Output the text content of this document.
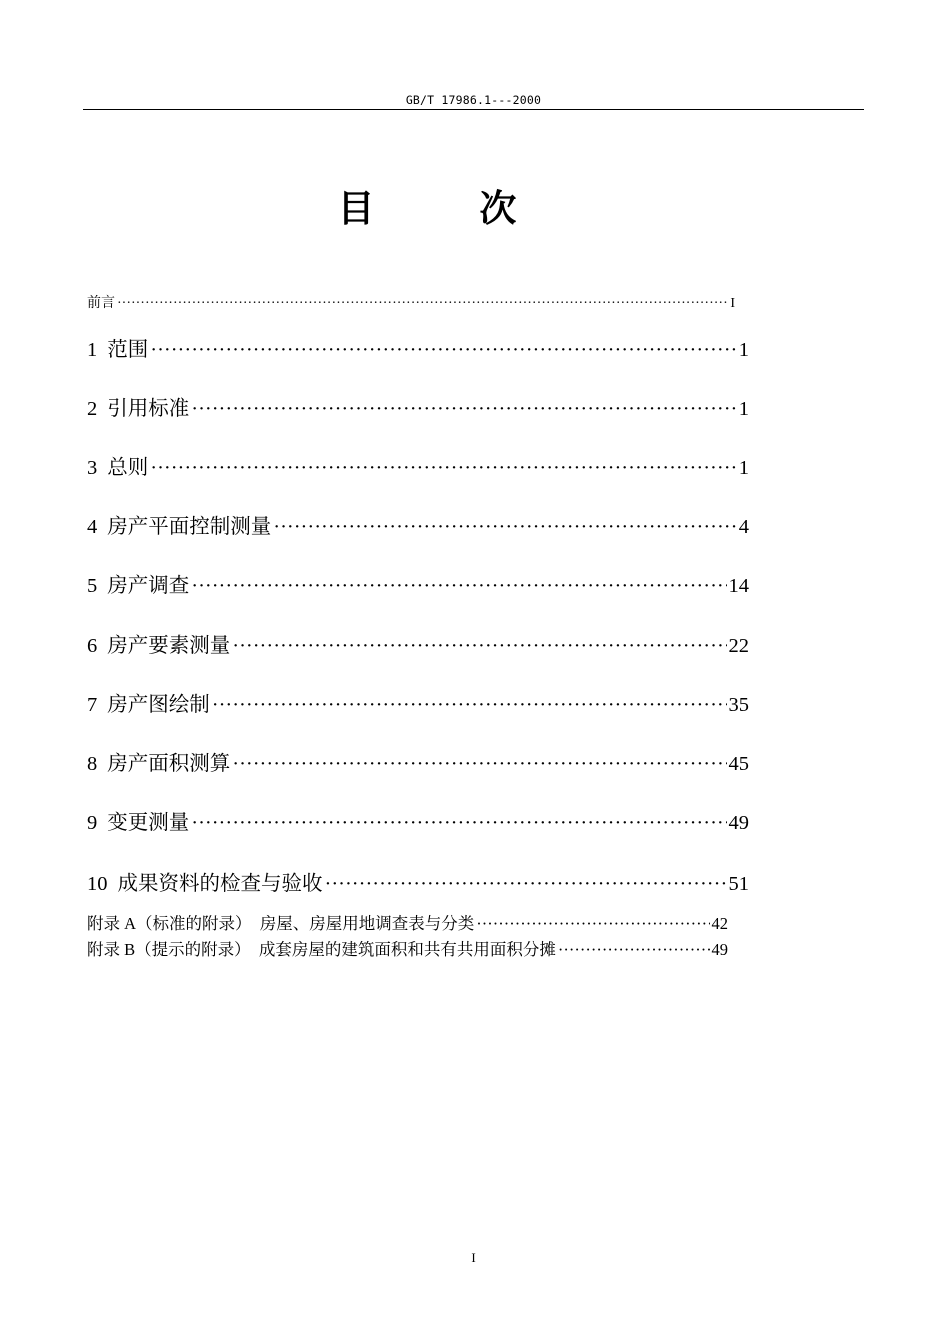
GB/T 17986.1---2000
目 次
前言 ·····	I
1 范围 ·····	1
2 引用标准 ·····	1
3 总则 ·····	1
4 房产平面控制测量 ·····	4
5 房产调查 ·····	14
6 房产要素测量 ·····	22
7 房产图绘制 ·····	35
8 房产面积测算 ·····	45
9 变更测量 ·····	49
10 成果资料的检查与验收 ·····	51
附录 A（标准的附录）  房屋、房屋用地调查表与分类 ·····	42
附录 B（提示的附录）  成套房屋的建筑面积和共有共用面积分摊 ·····	49
I
